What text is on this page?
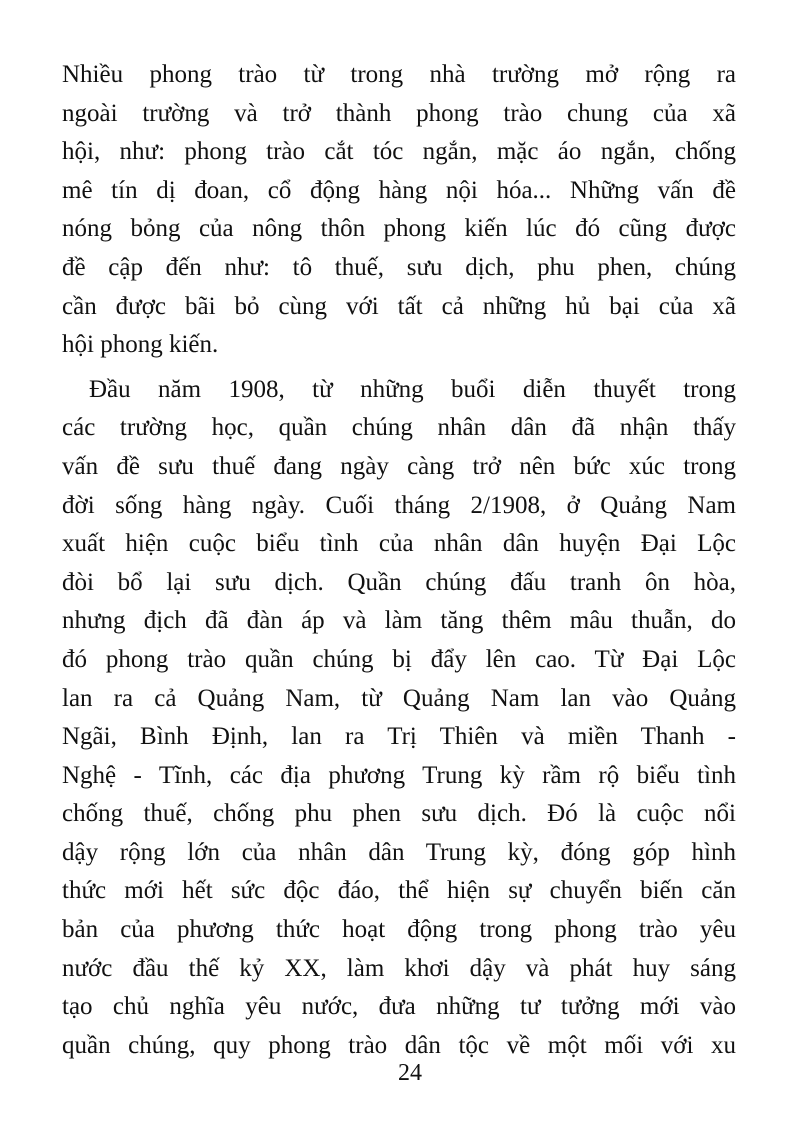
Nhiều phong trào từ trong nhà trường mở rộng ra
ngoài trường và trở thành phong trào chung của xã
hội, như: phong trào cắt tóc ngắn, mặc áo ngắn, chống
mê tín dị đoan, cổ động hàng nội hóa... Những vấn đề
nóng bỏng của nông thôn phong kiến lúc đó cũng được
đề cập đến như: tô thuế, sưu dịch, phu phen, chúng
cần được bãi bỏ cùng với tất cả những hủ bại của xã
hội phong kiến.
Đầu năm 1908, từ những buổi diễn thuyết trong
các trường học, quần chúng nhân dân đã nhận thấy
vấn đề sưu thuế đang ngày càng trở nên bức xúc trong
đời sống hàng ngày. Cuối tháng 2/1908, ở Quảng Nam
xuất hiện cuộc biểu tình của nhân dân huyện Đại Lộc
đòi bổ lại sưu dịch. Quần chúng đấu tranh ôn hòa,
nhưng địch đã đàn áp và làm tăng thêm mâu thuẫn, do
đó phong trào quần chúng bị đẩy lên cao. Từ Đại Lộc
lan ra cả Quảng Nam, từ Quảng Nam lan vào Quảng
Ngãi, Bình Định, lan ra Trị Thiên và miền Thanh -
Nghệ - Tĩnh, các địa phương Trung kỳ rầm rộ biểu tình
chống thuế, chống phu phen sưu dịch. Đó là cuộc nổi
dậy rộng lớn của nhân dân Trung kỳ, đóng góp hình
thức mới hết sức độc đáo, thể hiện sự chuyển biến căn
bản của phương thức hoạt động trong phong trào yêu
nước đầu thế kỷ XX, làm khơi dậy và phát huy sáng
tạo chủ nghĩa yêu nước, đưa những tư tưởng mới vào
quần chúng, quy phong trào dân tộc về một mối với xu
24
